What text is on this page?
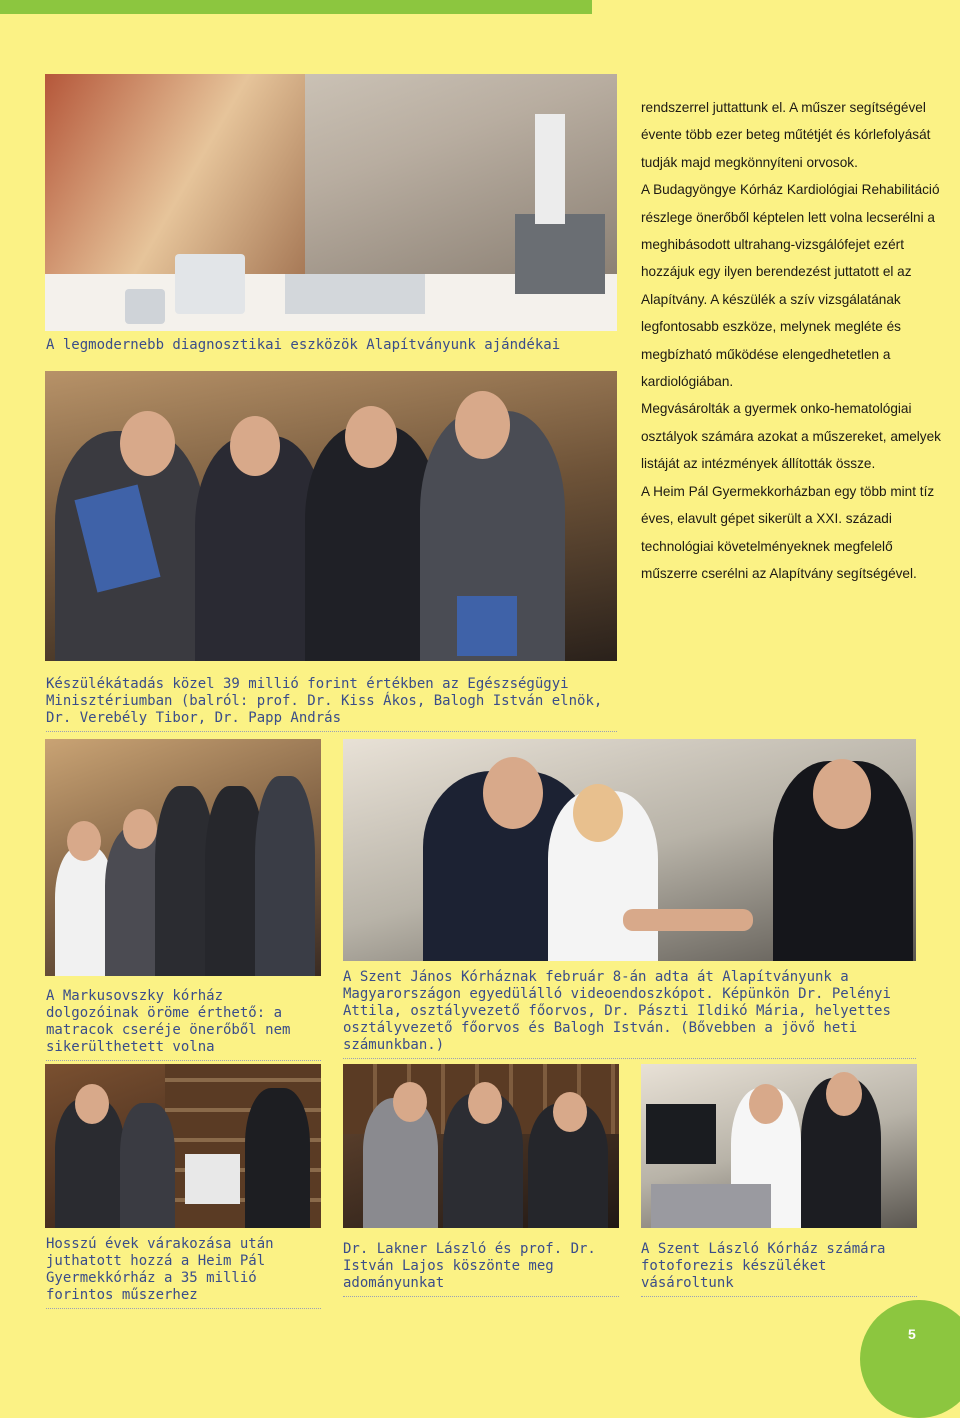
A legmodernebb diagnosztikai eszközök Alapítványunk ajándékai

Készülékátadás közel 39 millió forint értékben az Egészségügyi Minisztériumban (balról: prof. Dr. Kiss Ákos, Balogh István elnök, Dr. Verebély Tibor, Dr. Papp András

rendszerrel juttattunk el. A műszer segítségével évente több ezer beteg műtétjét és kórlefolyását tudják majd megkönnyíteni orvosok.

A Budagyöngye Kórház Kardiológiai Rehabilitáció részlege önerőből képtelen lett volna lecserélni a meghibásodott ultrahang-vizsgálófejet ezért hozzájuk egy ilyen berendezést juttatott el az Alapítvány. A készülék a szív vizsgálatának legfontosabb eszköze, melynek megléte és megbízható működése elengedhetetlen a kardiológiában.

Megvásárolták a gyermek onko-hematológiai osztályok számára azokat a műszereket, amelyek listáját az intézmények állították össze.

A Heim Pál Gyermekkorházban egy több mint tíz éves, elavult gépet sikerült a XXI. századi technológiai követelményeknek megfelelő műszerre cserélni az Alapítvány segítségével.

A Markusovszky kórház dolgozóinak öröme érthető: a matracok cseréje önerőből nem sikerülthetett volna

A Szent János Kórháznak február 8-án adta át Alapítványunk a Magyarországon egyedülálló videoendoszkópot. Képünkön Dr. Pelényi Attila, osztályvezető főorvos, Dr. Pászti Ildikó Mária, helyettes osztályvezető főorvos és Balogh István. (Bővebben a jövő heti számunkban.)

Hosszú évek várakozása után juthatott hozzá a Heim Pál Gyermekkórház a 35 millió forintos műszerhez

Dr. Lakner László és prof. Dr. István Lajos köszönte meg adományunkat

A Szent László Kórház számára fotoforezis készüléket vásároltunk

5
